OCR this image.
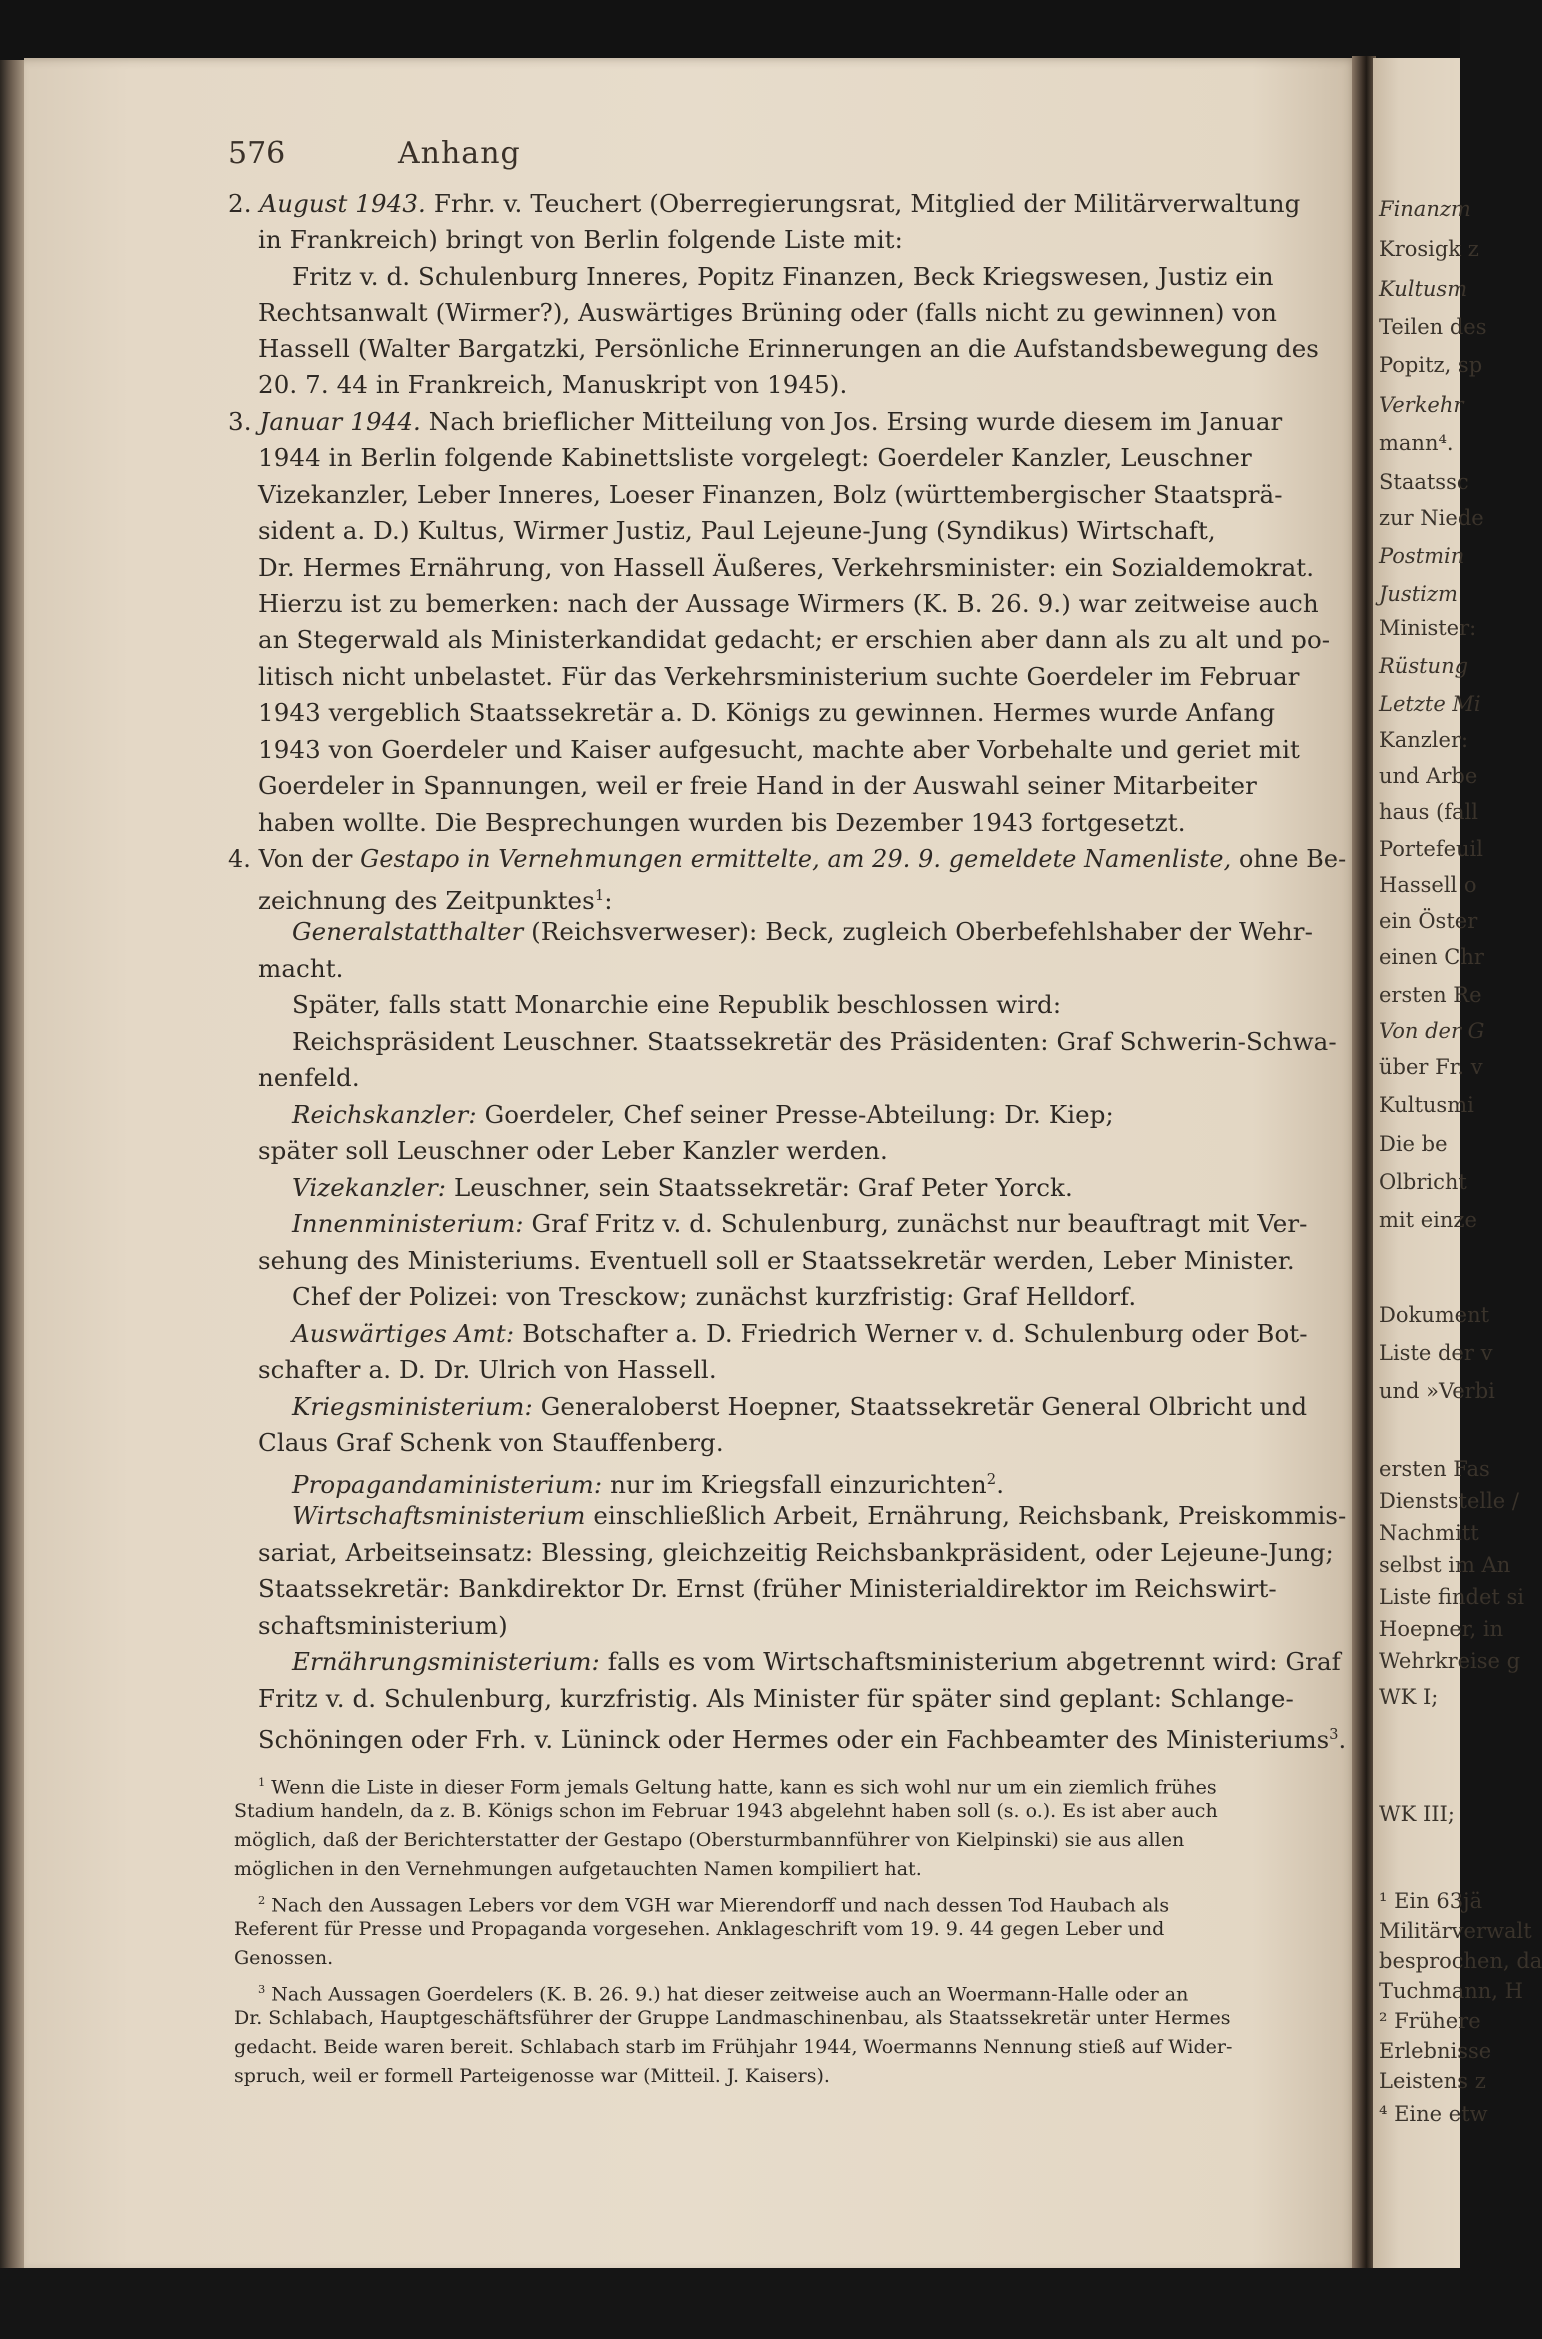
Finanzm
Krosigk z
Kultusm
Teilen des
Popitz, sp
Verkehr
mann⁴.
Staatssc
zur Niede
Postmin
Justizm
Minister:
Rüstung
Letzte Mi
Kanzler:
und Arbe
haus (fall
Portefeuil
Hassell o
ein Öster
einen Chr
ersten Re
Von der G
über Fr. v
Kultusmi
Die be
Olbricht
mit einze
Dokument
Liste der v
und »Verbi
ersten Fas
Dienststelle /
Nachmitt
selbst im An
Liste findet si
Hoepner, in
Wehrkreise g
WK I;
WK III;
¹ Ein 63jä
Militärverwalt
besprochen, da
Tuchmann, H
² Frühere
Erlebnisse
Leistens z
⁴ Eine etw
576	Anhang
2. August 1943. Frhr. v. Teuchert (Oberregierungsrat, Mitglied der Militärverwaltung
in Frankreich) bringt von Berlin folgende Liste mit:
Fritz v. d. Schulenburg Inneres, Popitz Finanzen, Beck Kriegswesen, Justiz ein
Rechtsanwalt (Wirmer?), Auswärtiges Brüning oder (falls nicht zu gewinnen) von
Hassell (Walter Bargatzki, Persönliche Erinnerungen an die Aufstandsbewegung des
20. 7. 44 in Frankreich, Manuskript von 1945).
3. Januar 1944. Nach brieflicher Mitteilung von Jos. Ersing wurde diesem im Januar
1944 in Berlin folgende Kabinettsliste vorgelegt: Goerdeler Kanzler, Leuschner
Vizekanzler, Leber Inneres, Loeser Finanzen, Bolz (württembergischer Staatsprä-
sident a. D.) Kultus, Wirmer Justiz, Paul Lejeune-Jung (Syndikus) Wirtschaft,
Dr. Hermes Ernährung, von Hassell Äußeres, Verkehrsminister: ein Sozialdemokrat.
Hierzu ist zu bemerken: nach der Aussage Wirmers (K. B. 26. 9.) war zeitweise auch
an Stegerwald als Ministerkandidat gedacht; er erschien aber dann als zu alt und po-
litisch nicht unbelastet. Für das Verkehrsministerium suchte Goerdeler im Februar
1943 vergeblich Staatssekretär a. D. Königs zu gewinnen. Hermes wurde Anfang
1943 von Goerdeler und Kaiser aufgesucht, machte aber Vorbehalte und geriet mit
Goerdeler in Spannungen, weil er freie Hand in der Auswahl seiner Mitarbeiter
haben wollte. Die Besprechungen wurden bis Dezember 1943 fortgesetzt.
4. Von der Gestapo in Vernehmungen ermittelte, am 29. 9. gemeldete Namenliste, ohne Be-
zeichnung des Zeitpunktes$^1$:
Generalstatthalter (Reichsverweser): Beck, zugleich Oberbefehlshaber der Wehr-
macht.
Später, falls statt Monarchie eine Republik beschlossen wird:
Reichspräsident Leuschner. Staatssekretär des Präsidenten: Graf Schwerin-Schwa-
nenfeld.
Reichskanzler: Goerdeler, Chef seiner Presse-Abteilung: Dr. Kiep;
später soll Leuschner oder Leber Kanzler werden.
Vizekanzler: Leuschner, sein Staatssekretär: Graf Peter Yorck.
Innenministerium: Graf Fritz v. d. Schulenburg, zunächst nur beauftragt mit Ver-
sehung des Ministeriums. Eventuell soll er Staatssekretär werden, Leber Minister.
Chef der Polizei: von Tresckow; zunächst kurzfristig: Graf Helldorf.
Auswärtiges Amt: Botschafter a. D. Friedrich Werner v. d. Schulenburg oder Bot-
schafter a. D. Dr. Ulrich von Hassell.
Kriegsministerium: Generaloberst Hoepner, Staatssekretär General Olbricht und
Claus Graf Schenk von Stauffenberg.
Propagandaministerium: nur im Kriegsfall einzurichten$^2$.
Wirtschaftsministerium einschließlich Arbeit, Ernährung, Reichsbank, Preiskommis-
sariat, Arbeitseinsatz: Blessing, gleichzeitig Reichsbankpräsident, oder Lejeune-Jung;
Staatssekretär: Bankdirektor Dr. Ernst (früher Ministerialdirektor im Reichswirt-
schaftsministerium)
Ernährungsministerium: falls es vom Wirtschaftsministerium abgetrennt wird: Graf
Fritz v. d. Schulenburg, kurzfristig. Als Minister für später sind geplant: Schlange-
Schöningen oder Frh. v. Lüninck oder Hermes oder ein Fachbeamter des Ministeriums$^3$.
$^1$ Wenn die Liste in dieser Form jemals Geltung hatte, kann es sich wohl nur um ein ziemlich frühes
Stadium handeln, da z. B. Königs schon im Februar 1943 abgelehnt haben soll (s. o.). Es ist aber auch
möglich, daß der Berichterstatter der Gestapo (Obersturmbannführer von Kielpinski) sie aus allen
möglichen in den Vernehmungen aufgetauchten Namen kompiliert hat.
$^2$ Nach den Aussagen Lebers vor dem VGH war Mierendorff und nach dessen Tod Haubach als
Referent für Presse und Propaganda vorgesehen. Anklageschrift vom 19. 9. 44 gegen Leber und
Genossen.
$^3$ Nach Aussagen Goerdelers (K. B. 26. 9.) hat dieser zeitweise auch an Woermann-Halle oder an
Dr. Schlabach, Hauptgeschäftsführer der Gruppe Landmaschinenbau, als Staatssekretär unter Hermes
gedacht. Beide waren bereit. Schlabach starb im Frühjahr 1944, Woermanns Nennung stieß auf Wider-
spruch, weil er formell Parteigenosse war (Mitteil. J. Kaisers).
